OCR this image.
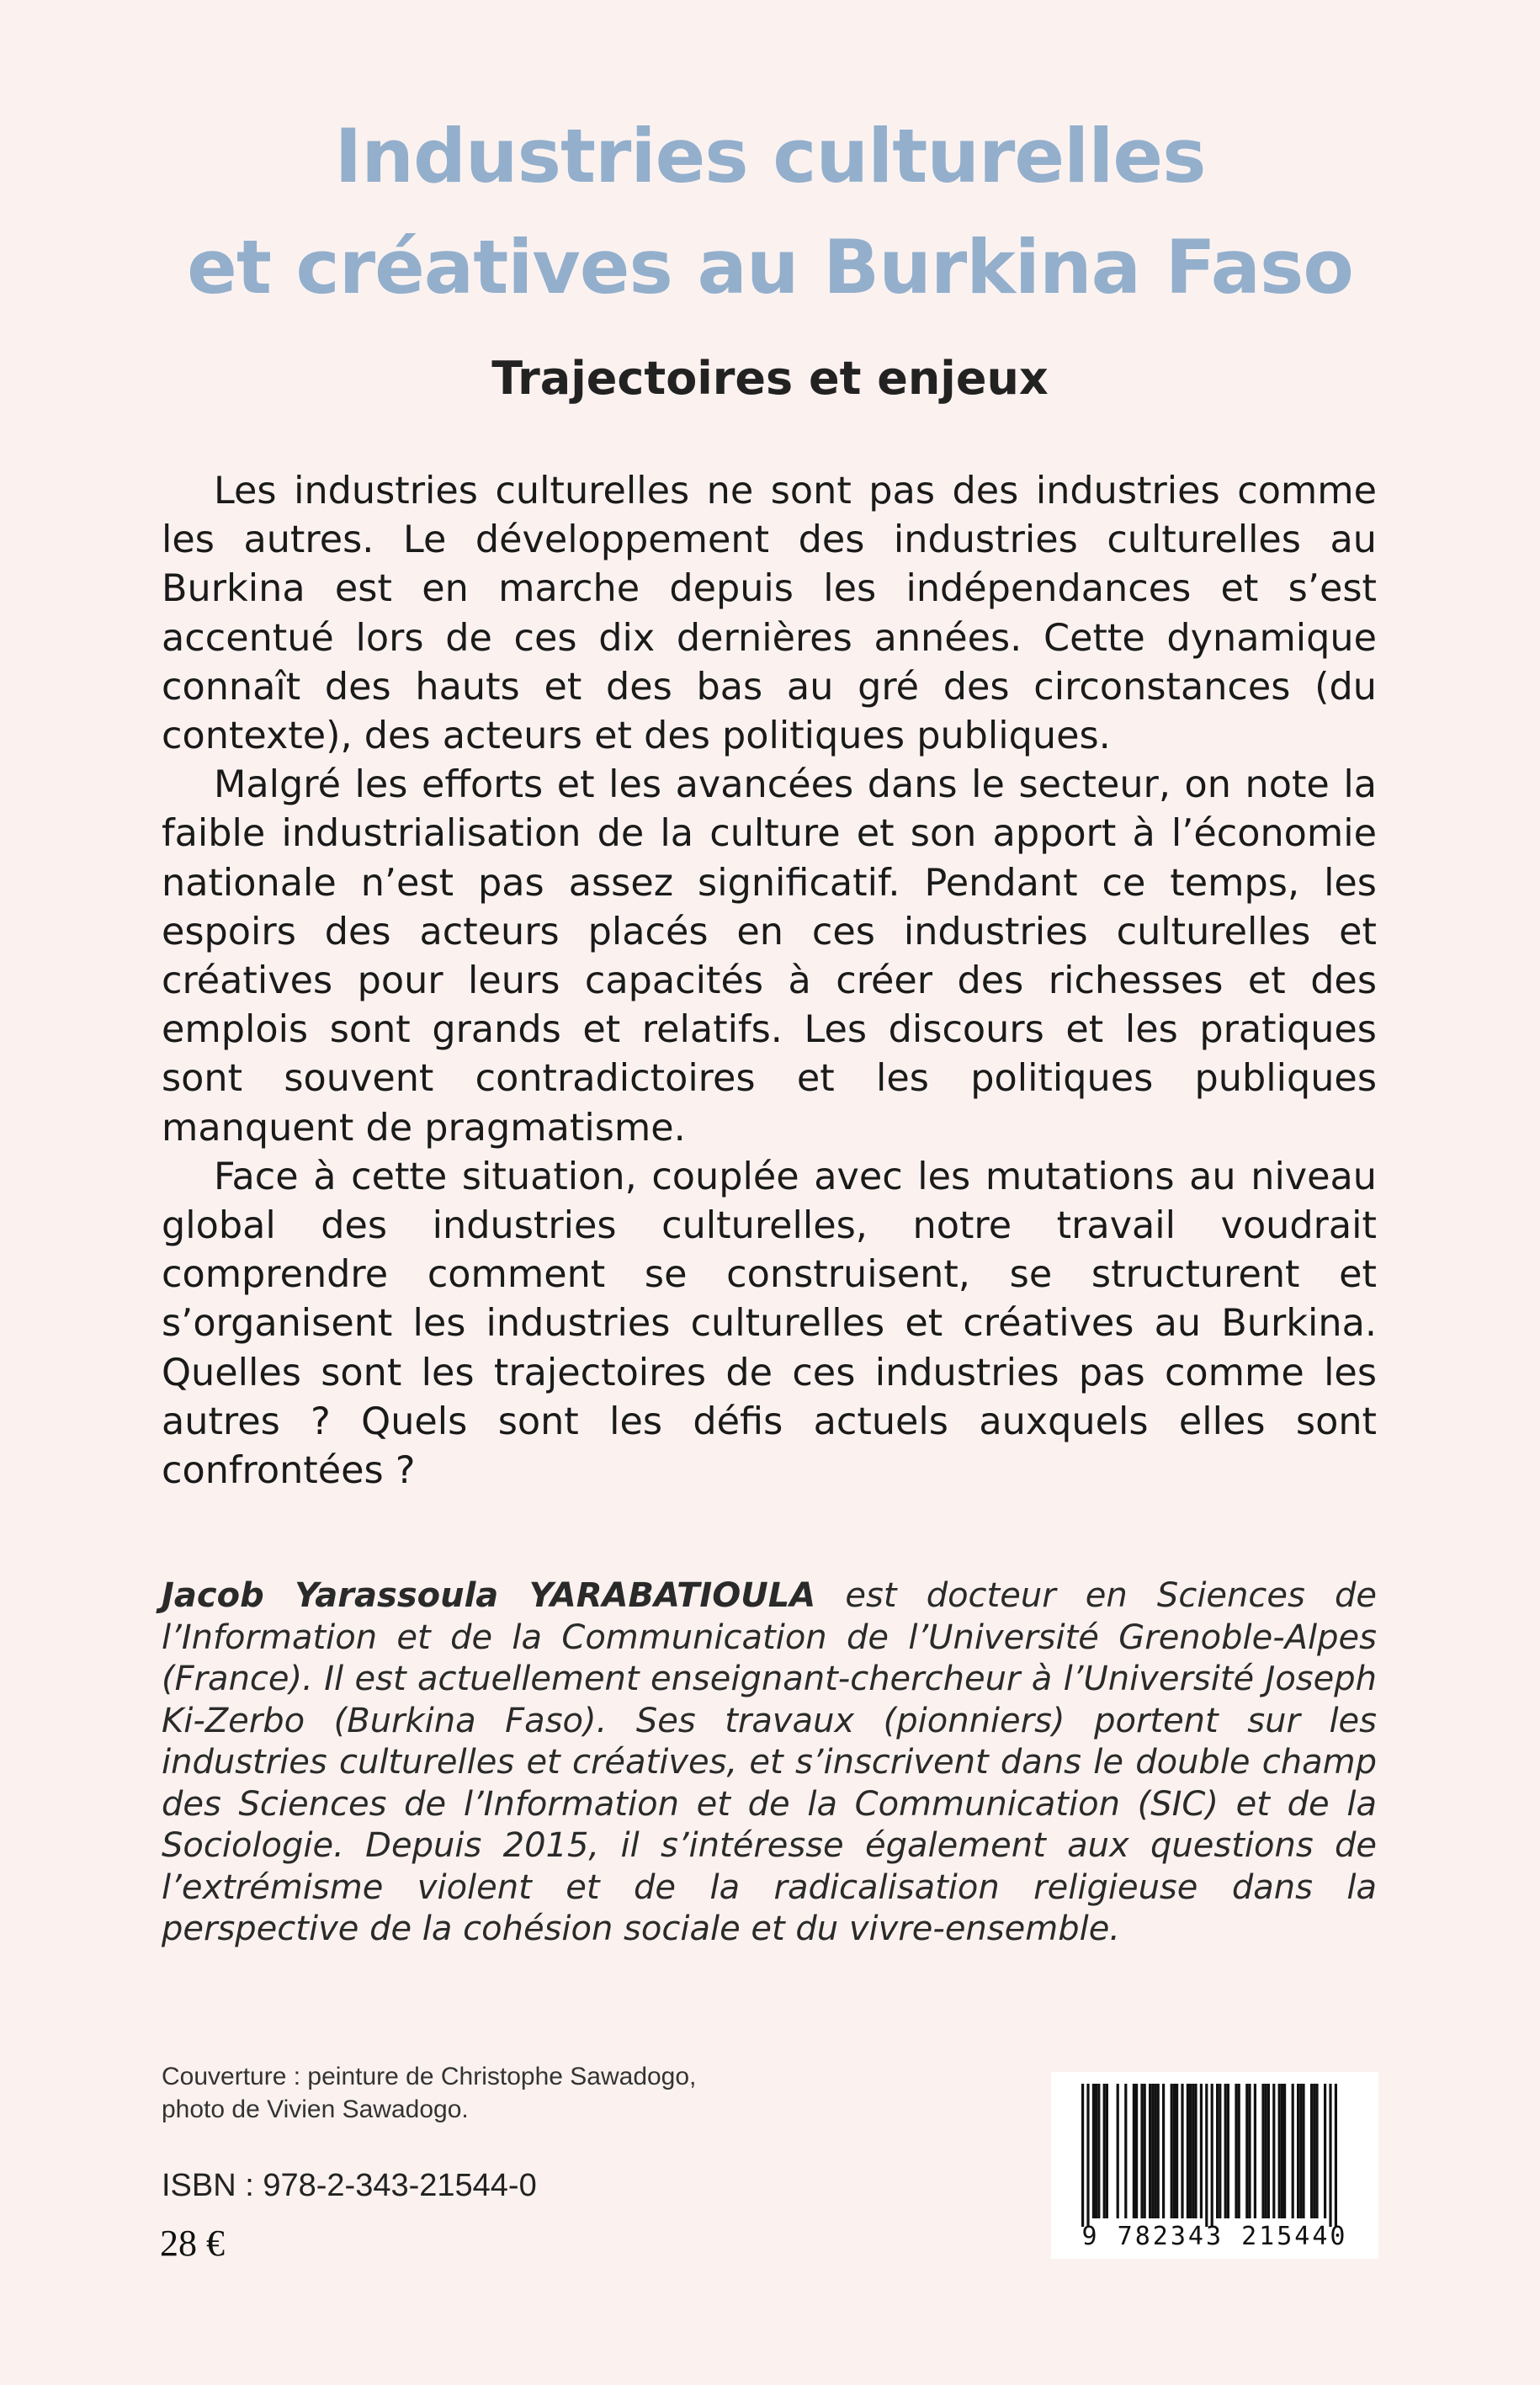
Industries culturelles
et créatives au Burkina Faso
Trajectoires et enjeux

Les industries culturelles ne sont pas des industries comme les autres. Le développement des industries culturelles au Burkina est en marche depuis les indépendances et s’est accentué lors de ces dix dernières années. Cette dynamique connaît des hauts et des bas au gré des circonstances (du contexte), des acteurs et des politiques publiques.

Malgré les efforts et les avancées dans le secteur, on note la faible industrialisation de la culture et son apport à l’économie nationale n’est pas assez significatif. Pendant ce temps, les espoirs des acteurs placés en ces industries culturelles et créatives pour leurs capacités à créer des richesses et des emplois sont grands et relatifs. Les discours et les pratiques sont souvent contradictoires et les politiques publiques manquent de pragmatisme.

Face à cette situation, couplée avec les mutations au niveau global des industries culturelles, notre travail voudrait comprendre comment se construisent, se structurent et s’organisent les industries culturelles et créatives au Burkina. Quelles sont les trajectoires de ces industries pas comme les autres ? Quels sont les défis actuels auxquels elles sont confrontées ?

Jacob Yarassoula YARABATIOULA est docteur en Sciences de l’Information et de la Communication de l’Université Grenoble-Alpes (France). Il est actuellement enseignant-chercheur à l’Université Joseph Ki-Zerbo (Burkina Faso). Ses travaux (pionniers) portent sur les industries culturelles et créatives, et s’inscrivent dans le double champ des Sciences de l’Information et de la Communication (SIC) et de la Sociologie. Depuis 2015, il s’intéresse également aux questions de l’extrémisme violent et de la radicalisation religieuse dans la perspective de la cohésion sociale et du vivre-ensemble.
Couverture : peinture de Christophe Sawadogo,
photo de Vivien Sawadogo.
ISBN : 978-2-343-21544-0
28 €	9 782343 215440
